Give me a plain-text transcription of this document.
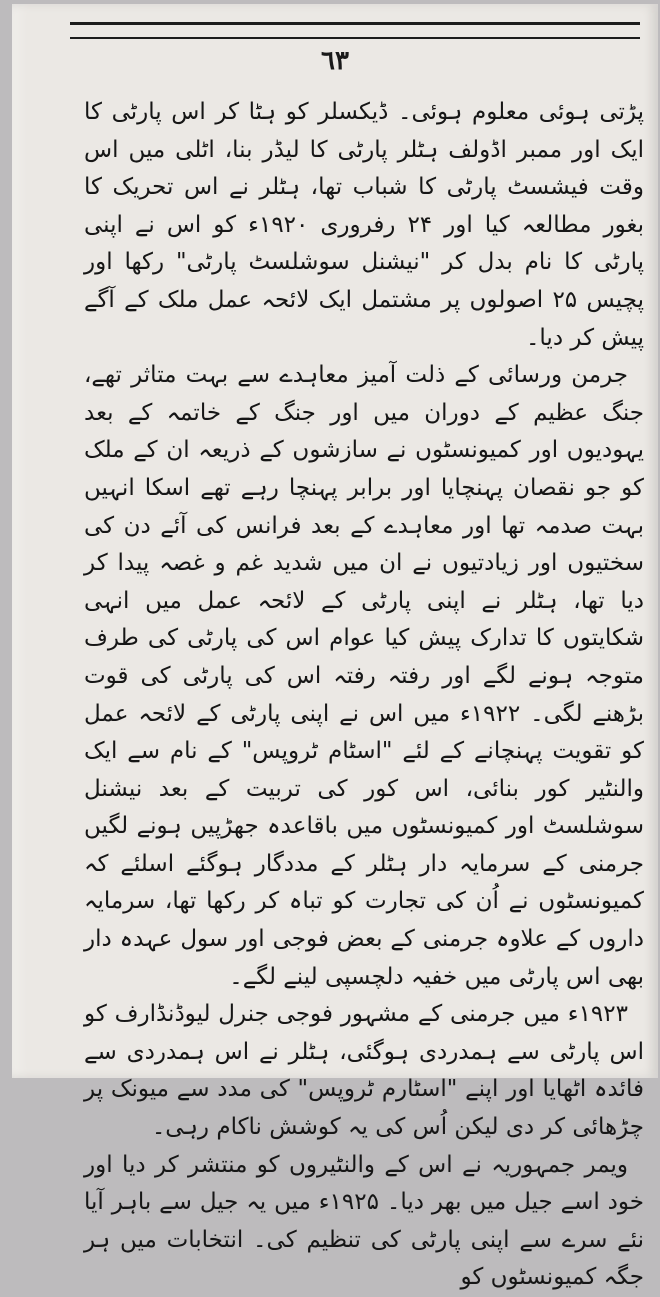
٦٣

پڑتی ہوئی معلوم ہوئی۔ ڈیکسلر کو ہٹا کر اس پارٹی کا ایک اور ممبر اڈولف ہٹلر پارٹی کا لیڈر بنا، اٹلی میں اس وقت فیشسٹ پارٹی کا شباب تھا، ہٹلر نے اس تحریک کا بغور مطالعہ کیا اور ۲۴ رفروری ۱۹۲۰ء کو اس نے اپنی پارٹی کا نام بدل کر "نیشنل سوشلسٹ پارٹی" رکھا اور پچیس ۲۵ اصولوں پر مشتمل ایک لائحہ عمل ملک کے آگے پیش کر دیا۔

جرمن ورسائی کے ذلت آمیز معاہدے سے بہت متاثر تھے، جنگ عظیم کے دوران میں اور جنگ کے خاتمہ کے بعد یہودیوں اور کمیونسٹوں نے سازشوں کے ذریعہ ان کے ملک کو جو نقصان پہنچایا اور برابر پہنچا رہے تھے اسکا انہیں بہت صدمہ تھا اور معاہدے کے بعد فرانس کی آئے دن کی سختیوں اور زیادتیوں نے ان میں شدید غم و غصہ پیدا کر دیا تھا، ہٹلر نے اپنی پارٹی کے لائحہ عمل میں انہی شکایتوں کا تدارک پیش کیا عوام اس کی پارٹی کی طرف متوجہ ہونے لگے اور رفتہ رفتہ اس کی پارٹی کی قوت بڑھنے لگی۔ ۱۹۲۲ء میں اس نے اپنی پارٹی کے لائحہ عمل کو تقویت پہنچانے کے لئے "اسٹام ٹروپس" کے نام سے ایک والنٹیر کور بنائی، اس کور کی تربیت کے بعد نیشنل سوشلسٹ اور کمیونسٹوں میں باقاعدہ جھڑپیں ہونے لگیں جرمنی کے سرمایہ دار ہٹلر کے مددگار ہوگئے اسلئے کہ کمیونسٹوں نے اُن کی تجارت کو تباہ کر رکھا تھا، سرمایہ داروں کے علاوہ جرمنی کے بعض فوجی اور سول عہدہ دار بھی اس پارٹی میں خفیہ دلچسپی لینے لگے۔

۱۹۲۳ء میں جرمنی کے مشہور فوجی جنرل لیوڈنڈارف کو اس پارٹی سے ہمدردی ہوگئی، ہٹلر نے اس ہمدردی سے فائدہ اٹھایا اور اپنے "اسٹارم ٹروپس" کی مدد سے میونک پر چڑھائی کر دی لیکن اُس کی یہ کوشش ناکام رہی۔

ویمر جمہوریہ نے اس کے والنٹیروں کو منتشر کر دیا اور خود اسے جیل میں بھر دیا۔ ۱۹۲۵ء میں یہ جیل سے باہر آیا نئے سرے سے اپنی پارٹی کی تنظیم کی۔ انتخابات میں ہر جگہ کمیونسٹوں کو
